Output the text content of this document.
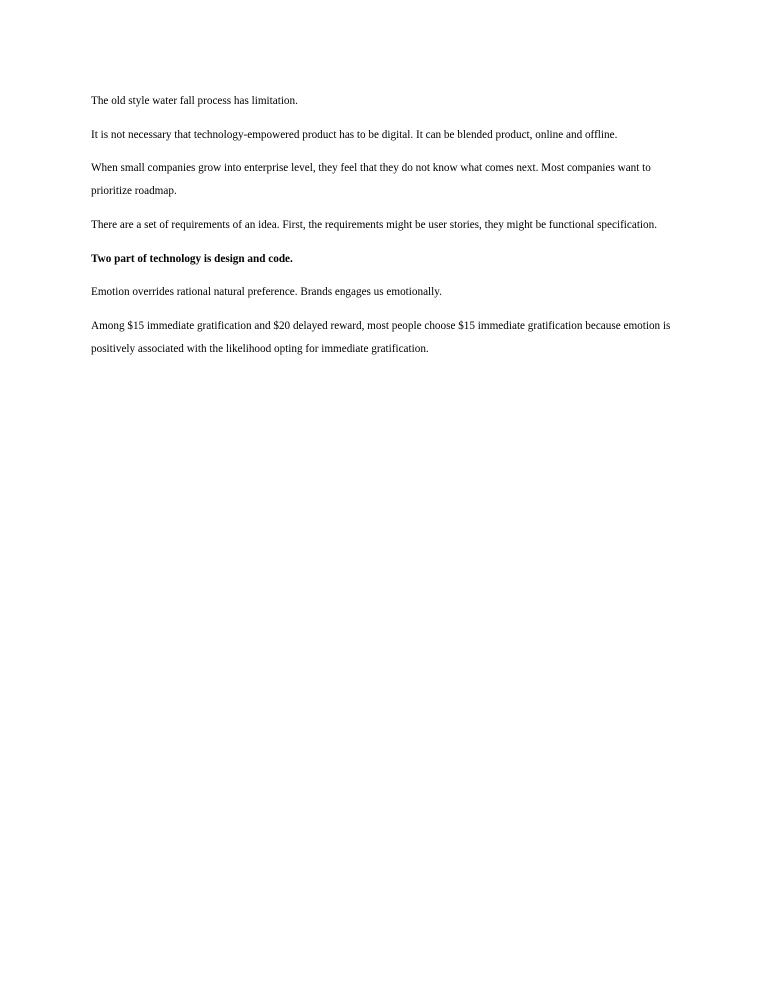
The old style water fall process has limitation.

It is not necessary that technology-empowered product has to be digital. It can be blended product, online and offline.

When small companies grow into enterprise level, they feel that they do not know what comes next. Most companies want to prioritize roadmap.

There are a set of requirements of an idea. First, the requirements might be user stories, they might be functional specification.

Two part of technology is design and code.

Emotion overrides rational natural preference. Brands engages us emotionally.

Among $15 immediate gratification and $20 delayed reward, most people choose $15 immediate gratification because emotion is positively associated with the likelihood opting for immediate gratification.
